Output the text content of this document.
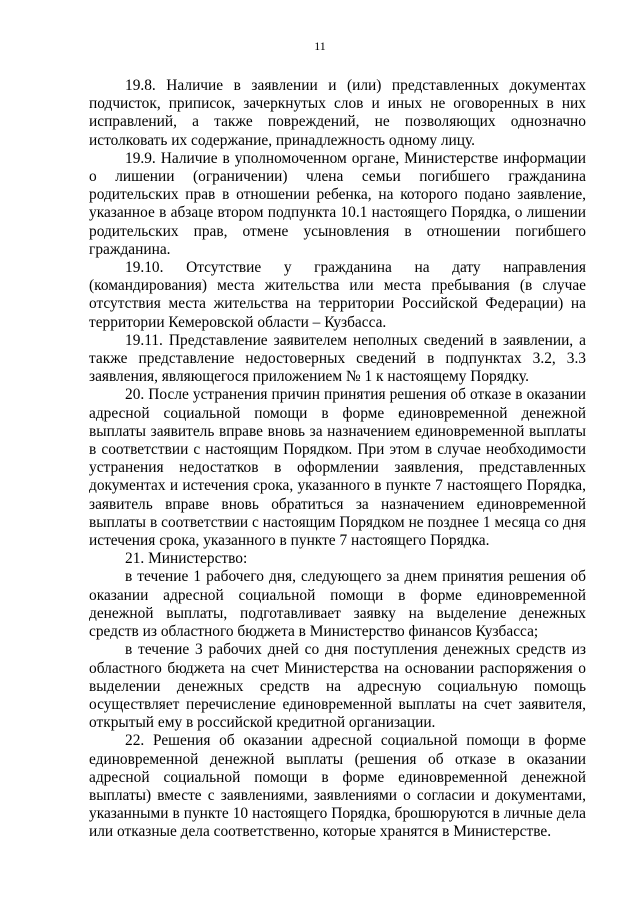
11

19.8. Наличие в заявлении и (или) представленных документах подчисток, приписок, зачеркнутых слов и иных не оговоренных в них исправлений, а также повреждений, не позволяющих однозначно истолковать их содержание, принадлежность одному лицу.

19.9. Наличие в уполномоченном органе, Министерстве информации о лишении (ограничении) члена семьи погибшего гражданина родительских прав в отношении ребенка, на которого подано заявление, указанное в абзаце втором подпункта 10.1 настоящего Порядка, о лишении родительских прав, отмене усыновления в отношении погибшего гражданина.

19.10. Отсутствие у гражданина на дату направления (командирования) места жительства или места пребывания (в случае отсутствия места жительства на территории Российской Федерации) на территории Кемеровской области – Кузбасса.

19.11. Представление заявителем неполных сведений в заявлении, а также представление недостоверных сведений в подпунктах 3.2, 3.3 заявления, являющегося приложением № 1 к настоящему Порядку.

20. После устранения причин принятия решения об отказе в оказании адресной социальной помощи в форме единовременной денежной выплаты заявитель вправе вновь за назначением единовременной выплаты в соответствии с настоящим Порядком. При этом в случае необходимости устранения недостатков в оформлении заявления, представленных документах и истечения срока, указанного в пункте 7 настоящего Порядка, заявитель вправе вновь обратиться за назначением единовременной выплаты в соответствии с настоящим Порядком не позднее 1 месяца со дня истечения срока, указанного в пункте 7 настоящего Порядка.

21. Министерство:

в течение 1 рабочего дня, следующего за днем принятия решения об оказании адресной социальной помощи в форме единовременной денежной выплаты, подготавливает заявку на выделение денежных средств из областного бюджета в Министерство финансов Кузбасса;

в течение 3 рабочих дней со дня поступления денежных средств из областного бюджета на счет Министерства на основании распоряжения о выделении денежных средств на адресную социальную помощь осуществляет перечисление единовременной выплаты на счет заявителя, открытый ему в российской кредитной организации.

22. Решения об оказании адресной социальной помощи в форме единовременной денежной выплаты (решения об отказе в оказании адресной социальной помощи в форме единовременной денежной выплаты) вместе с заявлениями, заявлениями о согласии и документами, указанными в пункте 10 настоящего Порядка, брошюруются в личные дела или отказные дела соответственно, которые хранятся в Министерстве.
